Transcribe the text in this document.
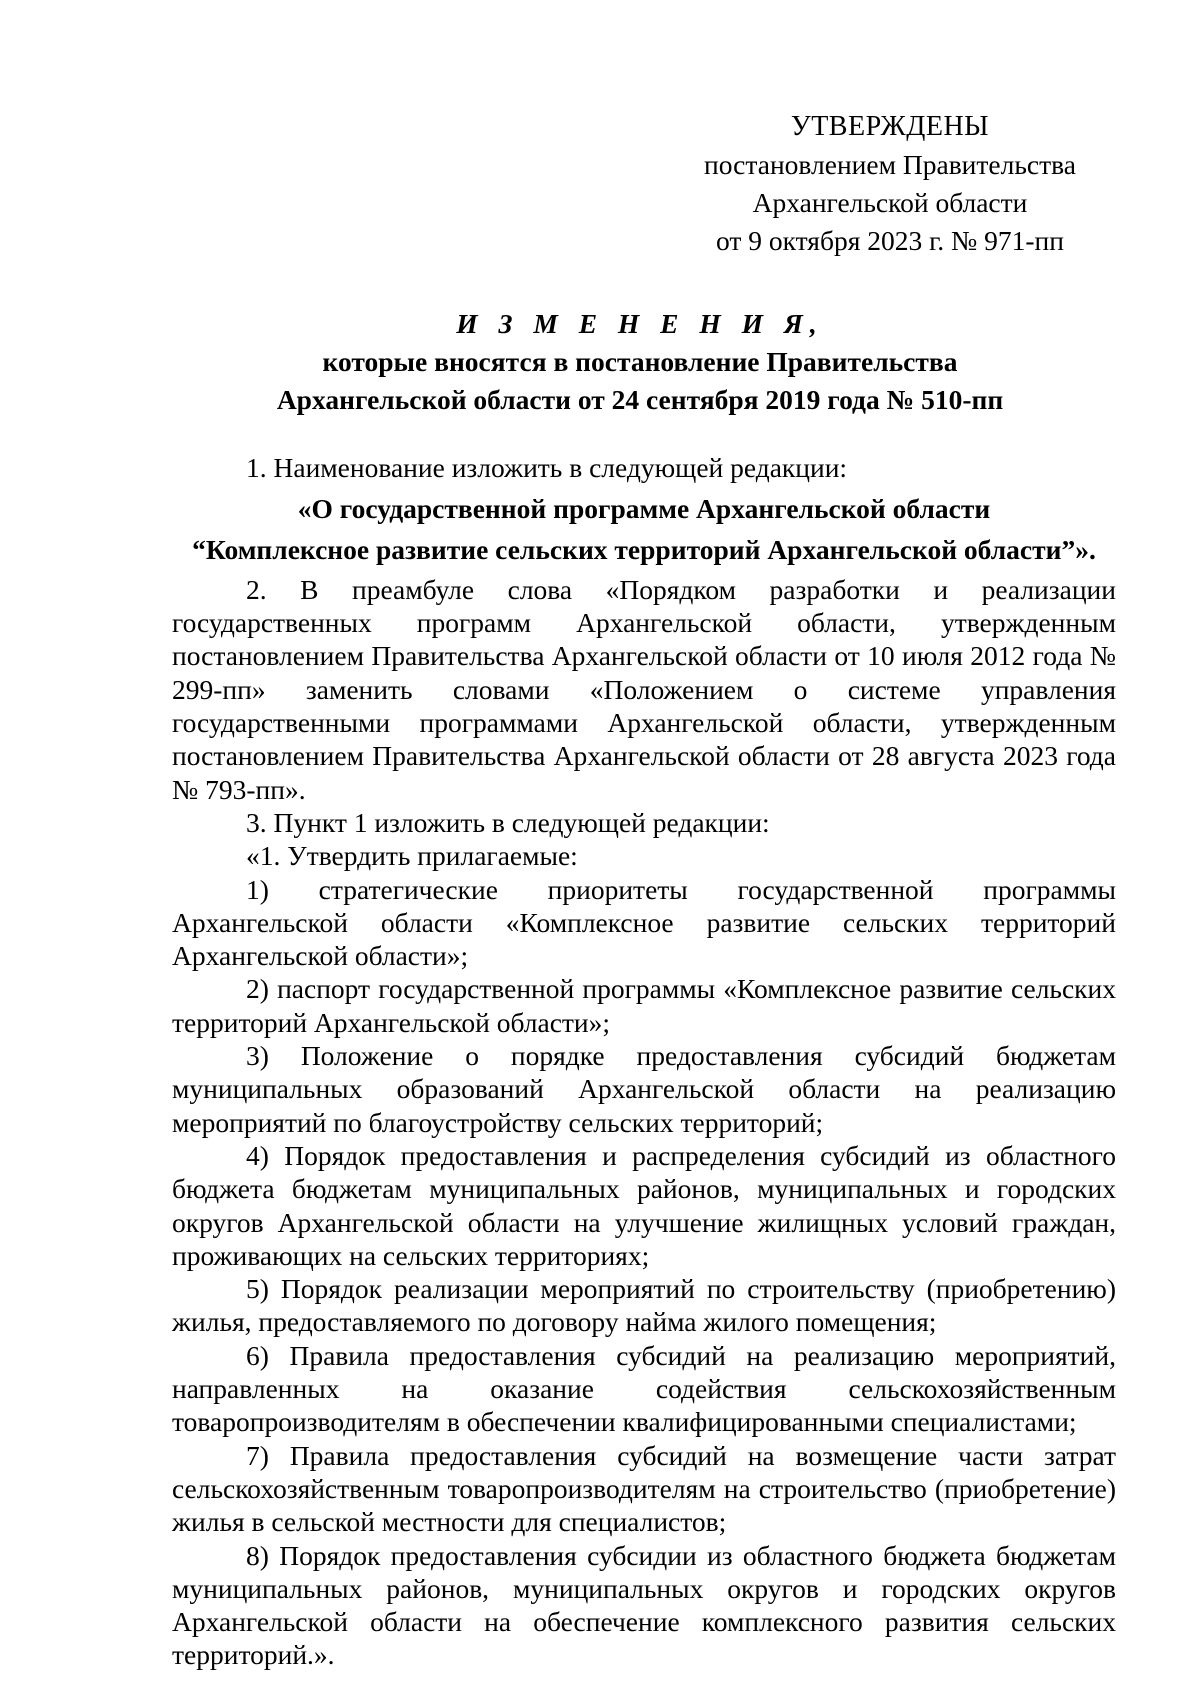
УТВЕРЖДЕНЫ
постановлением Правительства
Архангельской области
от 9 октября 2023 г. № 971-пп
И З М Е Н Е Н И Я,
которые вносятся в постановление Правительства
Архангельской области от 24 сентября 2019 года № 510-пп

1. Наименование изложить в следующей редакции:

«О государственной программе Архангельской области

“Комплексное развитие сельских территорий Архангельской области”».

2. В преамбуле слова «Порядком разработки и реализации государственных программ Архангельской области, утвержденным постановлением Правительства Архангельской области от 10 июля 2012 года № 299-пп» заменить словами «Положением о системе управления государственными программами Архангельской области, утвержденным постановлением Правительства Архангельской области от 28 августа 2023 года № 793-пп».

3. Пункт 1 изложить в следующей редакции:

«1. Утвердить прилагаемые:

1) стратегические приоритеты государственной программы Архангельской области «Комплексное развитие сельских территорий Архангельской области»;

2) паспорт государственной программы «Комплексное развитие сельских территорий Архангельской области»;

3) Положение о порядке предоставления субсидий бюджетам муниципальных образований Архангельской области на реализацию мероприятий по благоустройству сельских территорий;

4) Порядок предоставления и распределения субсидий из областного бюджета бюджетам муниципальных районов, муниципальных и городских округов Архангельской области на улучшение жилищных условий граждан, проживающих на сельских территориях;

5) Порядок реализации мероприятий по строительству (приобретению) жилья, предоставляемого по договору найма жилого помещения;

6) Правила предоставления субсидий на реализацию мероприятий, направленных на оказание содействия сельскохозяйственным товаропроизводителям в обеспечении квалифицированными специалистами;

7) Правила предоставления субсидий на возмещение части затрат сельскохозяйственным товаропроизводителям на строительство (приобретение) жилья в сельской местности для специалистов;

8) Порядок предоставления субсидии из областного бюджета бюджетам муниципальных районов, муниципальных округов и городских округов Архангельской области на обеспечение комплексного развития сельских территорий.».
